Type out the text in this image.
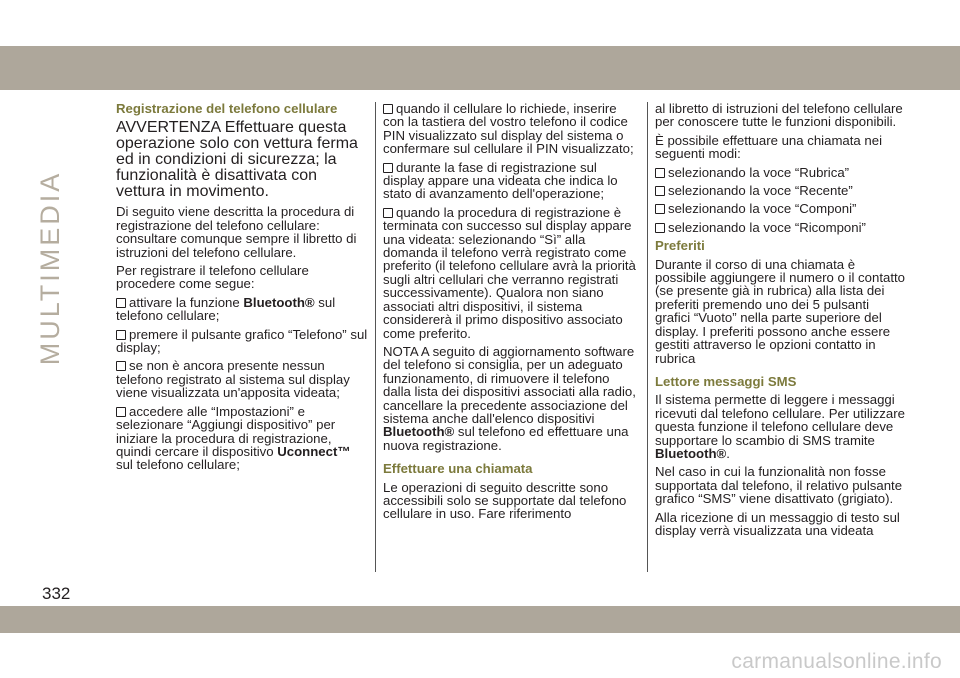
MULTIMEDIA

Registrazione del telefono cellulare

AVVERTENZA Effettuare questa operazione solo con vettura ferma ed in condizioni di sicurezza; la funzionalità è disattivata con vettura in movimento.

Di seguito viene descritta la procedura di registrazione del telefono cellulare: consultare comunque sempre il libretto di istruzioni del telefono cellulare.

Per registrare il telefono cellulare procedere come segue:

attivare la funzione Bluetooth® sul telefono cellulare;

premere il pulsante grafico “Telefono” sul display;

se non è ancora presente nessun telefono registrato al sistema sul display viene visualizzata un'apposita videata;

accedere alle “Impostazioni” e selezionare “Aggiungi dispositivo” per iniziare la procedura di registrazione, quindi cercare il dispositivo Uconnect™ sul telefono cellulare;

quando il cellulare lo richiede, inserire con la tastiera del vostro telefono il codice PIN visualizzato sul display del sistema o confermare sul cellulare il PIN visualizzato;

durante la fase di registrazione sul display appare una videata che indica lo stato di avanzamento dell'operazione;

quando la procedura di registrazione è terminata con successo sul display appare una videata: selezionando “Sì” alla domanda il telefono verrà registrato come preferito (il telefono cellulare avrà la priorità sugli altri cellulari che verranno registrati successivamente). Qualora non siano associati altri dispositivi, il sistema considererà il primo dispositivo associato come preferito.

NOTA A seguito di aggiornamento software del telefono si consiglia, per un adeguato funzionamento, di rimuovere il telefono dalla lista dei dispositivi associati alla radio, cancellare la precedente associazione del sistema anche dall'elenco dispositivi Bluetooth® sul telefono ed effettuare una nuova registrazione.

Effettuare una chiamata

Le operazioni di seguito descritte sono accessibili solo se supportate dal telefono cellulare in uso. Fare riferimento

al libretto di istruzioni del telefono cellulare per conoscere tutte le funzioni disponibili.

È possibile effettuare una chiamata nei seguenti modi:

selezionando la voce “Rubrica”

selezionando la voce “Recente”

selezionando la voce “Componi”

selezionando la voce “Ricomponi”

Preferiti

Durante il corso di una chiamata è possibile aggiungere il numero o il contatto (se presente già in rubrica) alla lista dei preferiti premendo uno dei 5 pulsanti grafici “Vuoto” nella parte superiore del display. I preferiti possono anche essere gestiti attraverso le opzioni contatto in rubrica

Lettore messaggi SMS

Il sistema permette di leggere i messaggi ricevuti dal telefono cellulare. Per utilizzare questa funzione il telefono cellulare deve supportare lo scambio di SMS tramite Bluetooth®.

Nel caso in cui la funzionalità non fosse supportata dal telefono, il relativo pulsante grafico “SMS” viene disattivato (grigiato).

Alla ricezione di un messaggio di testo sul display verrà visualizzata una videata

332
carmanualsonline.info
